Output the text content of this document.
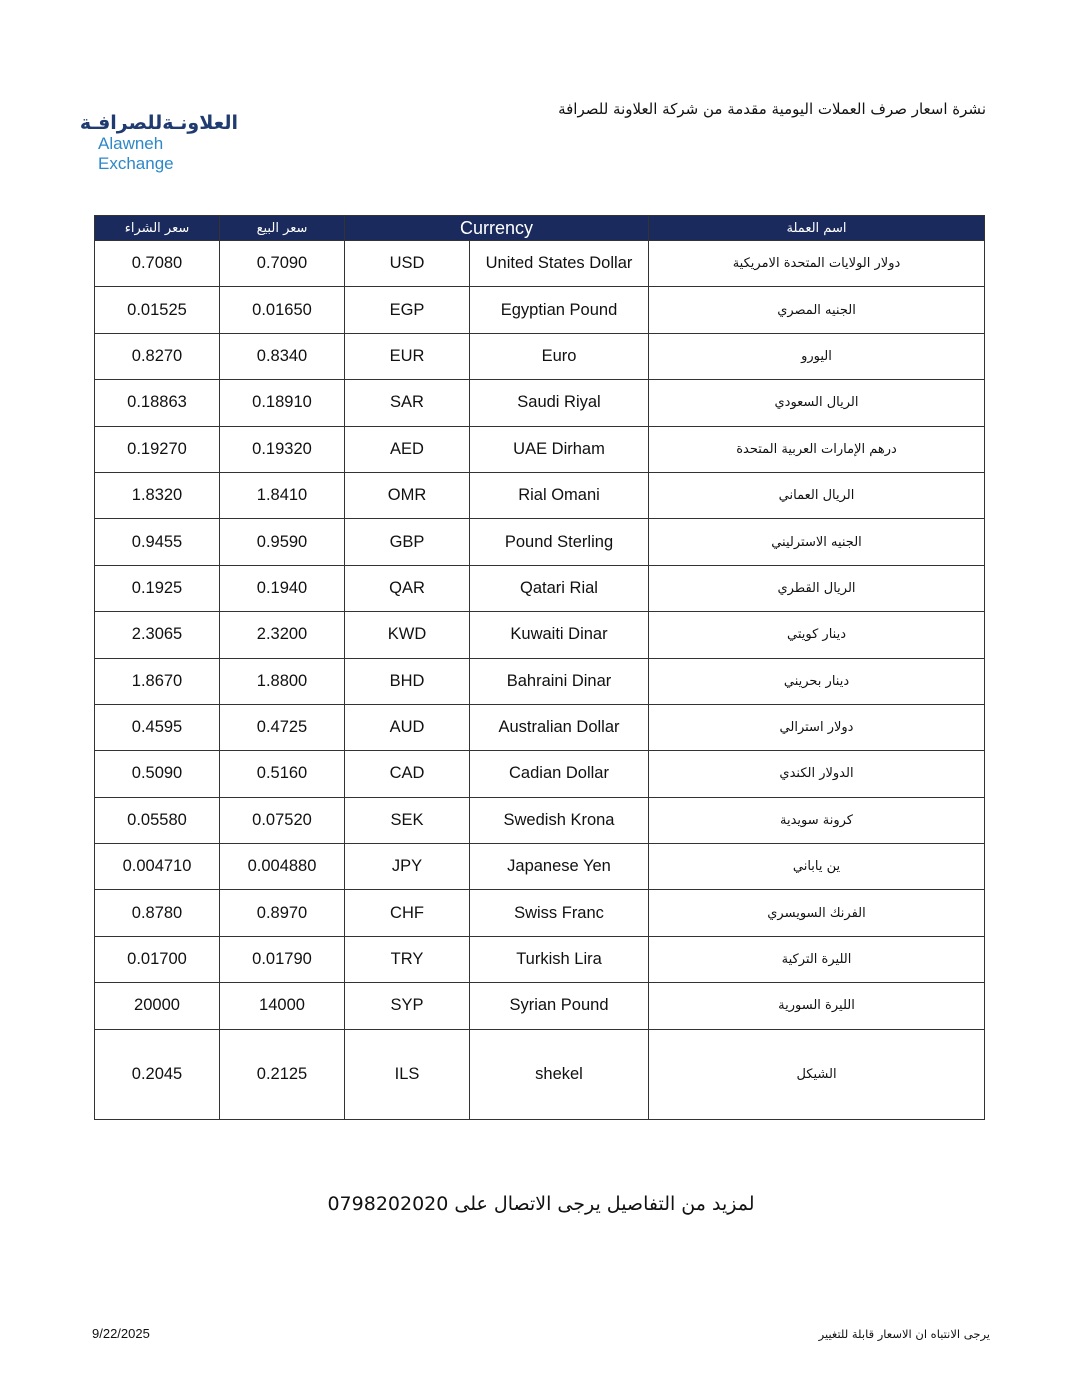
العلاونـةللصرافـة
Alawneh Exchange
نشرة اسعار صرف العملات اليومية مقدمة من شركة العلاونة للصرافة
سعر الشراء	سعر البيع	Currency		اسم العملة
0.7080	0.7090	USD	United States Dollar	دولار الولايات المتحدة الامريكية
0.01525	0.01650	EGP	Egyptian Pound	الجنيه المصري
0.8270	0.8340	EUR	Euro	اليورو
0.18863	0.18910	SAR	Saudi Riyal	الريال السعودي
0.19270	0.19320	AED	UAE Dirham	درهم الإمارات العربية المتحدة
1.8320	1.8410	OMR	Rial Omani	الريال العماني
0.9455	0.9590	GBP	Pound Sterling	الجنيه الاسترليني
0.1925	0.1940	QAR	Qatari Rial	الريال القطري
2.3065	2.3200	KWD	Kuwaiti Dinar	دينار كويتي
1.8670	1.8800	BHD	Bahraini Dinar	دينار بحريني
0.4595	0.4725	AUD	Australian Dollar	دولار استرالي
0.5090	0.5160	CAD	Cadian Dollar	الدولار الكندي
0.05580	0.07520	SEK	Swedish Krona	كرونة سويدية
0.004710	0.004880	JPY	Japanese Yen	ين ياباني
0.8780	0.8970	CHF	Swiss Franc	الفرنك السويسري
0.01700	0.01790	TRY	Turkish Lira	الليرة التركية
20000	14000	SYP	Syrian Pound	الليرة السورية
0.2045	0.2125	ILS	shekel	الشيكل
لمزيد من التفاصيل يرجى الاتصال على 0798202020
يرجى الانتباه ان الاسعار قابلة للتغيير
9/22/2025
